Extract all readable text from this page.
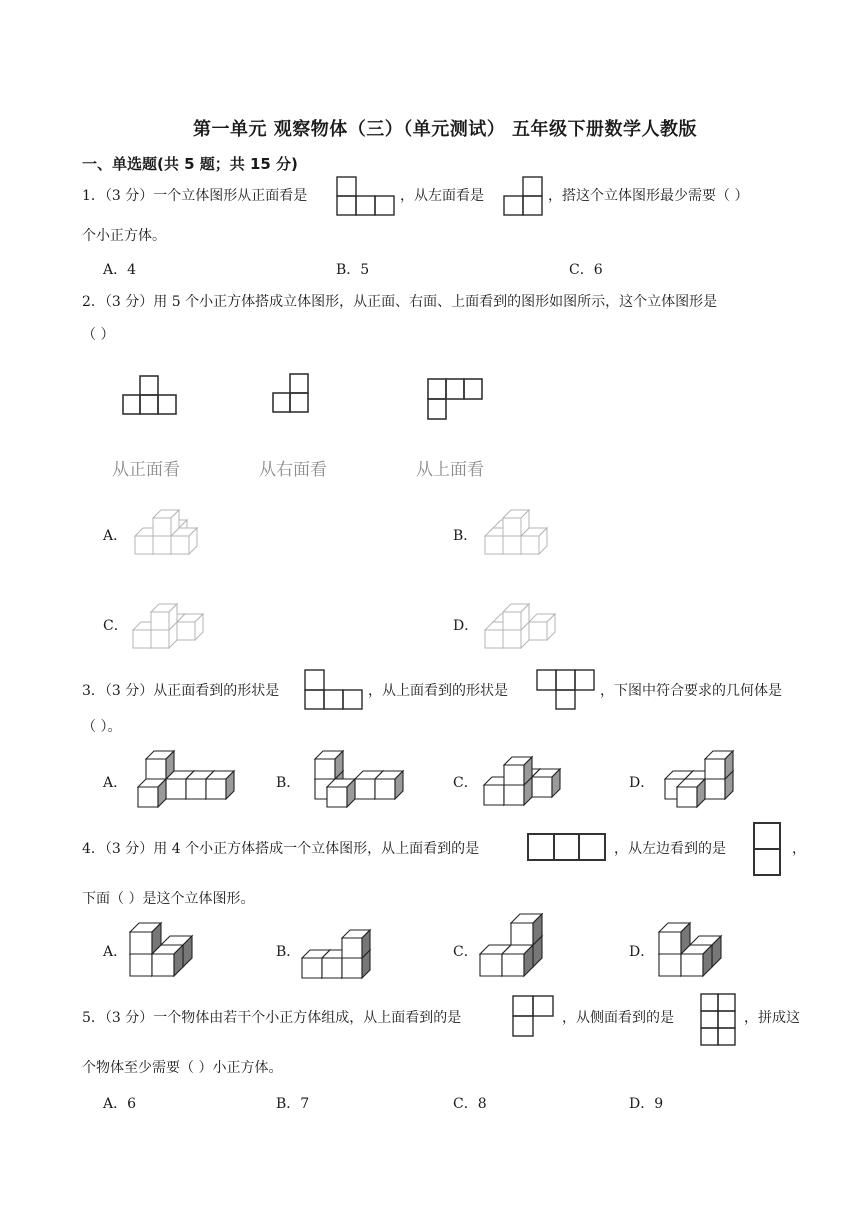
第一单元 观察物体（三）（单元测试） 五年级下册数学人教版
一、单选题(共 5 题；共 15 分)
1．（3 分）一个立体图形从正面看是	，从左面看是	，搭这个立体图形最少需要（ ）
个小正方体。
A．4	B．5	C．6
2．（3 分）用 5 个小正方体搭成立体图形，从正面、右面、上面看到的图形如图所示，这个立体图形是
（ ）
从正面看	从右面看	从上面看
A．	B．
C．	D．
3．（3 分）从正面看到的形状是	，从上面看到的形状是	，下图中符合要求的几何体是
（ ）。
A．	B．	C．	D．
4．（3 分）用 4 个小正方体搭成一个立体图形，从上面看到的是	，从左边看到的是	，
下面（ ）是这个立体图形。
A．	B．	C．	D．
5．（3 分）一个物体由若干个小正方体组成，从上面看到的是	，从侧面看到的是	，拼成这
个物体至少需要（ ）小正方体。
A．6	B．7	C．8	D．9
